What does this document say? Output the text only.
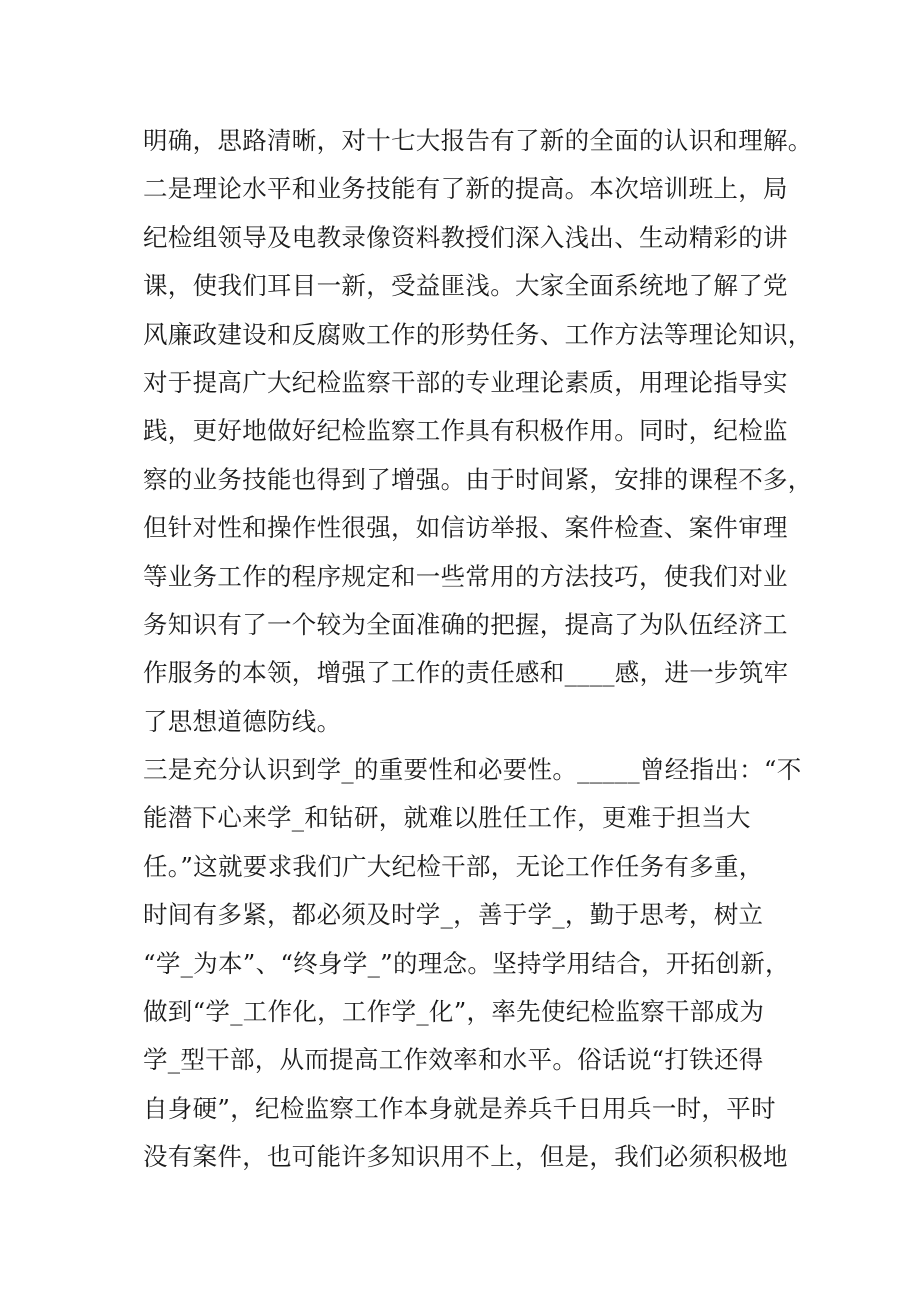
明确，思路清晰，对十七大报告有了新的全面的认识和理解。
二是理论水平和业务技能有了新的提高。本次培训班上，局
纪检组领导及电教录像资料教授们深入浅出、生动精彩的讲
课，使我们耳目一新，受益匪浅。大家全面系统地了解了党
风廉政建设和反腐败工作的形势任务、工作方法等理论知识，
对于提高广大纪检监察干部的专业理论素质，用理论指导实
践，更好地做好纪检监察工作具有积极作用。同时，纪检监
察的业务技能也得到了增强。由于时间紧，安排的课程不多，
但针对性和操作性很强，如信访举报、案件检查、案件审理
等业务工作的程序规定和一些常用的方法技巧，使我们对业
务知识有了一个较为全面准确的把握，提高了为队伍经济工
作服务的本领，增强了工作的责任感和____感，进一步筑牢
了思想道德防线。
三是充分认识到学_的重要性和必要性。_____曾经指出：“不
能潜下心来学_和钻研，就难以胜任工作，更难于担当大
任。”这就要求我们广大纪检干部，无论工作任务有多重，
时间有多紧，都必须及时学_，善于学_，勤于思考，树立
“学_为本”、“终身学_”的理念。坚持学用结合，开拓创新，
做到“学_工作化，工作学_化”，率先使纪检监察干部成为
学_型干部，从而提高工作效率和水平。俗话说“打铁还得
自身硬”，纪检监察工作本身就是养兵千日用兵一时，平时
没有案件，也可能许多知识用不上，但是，我们必须积极地
